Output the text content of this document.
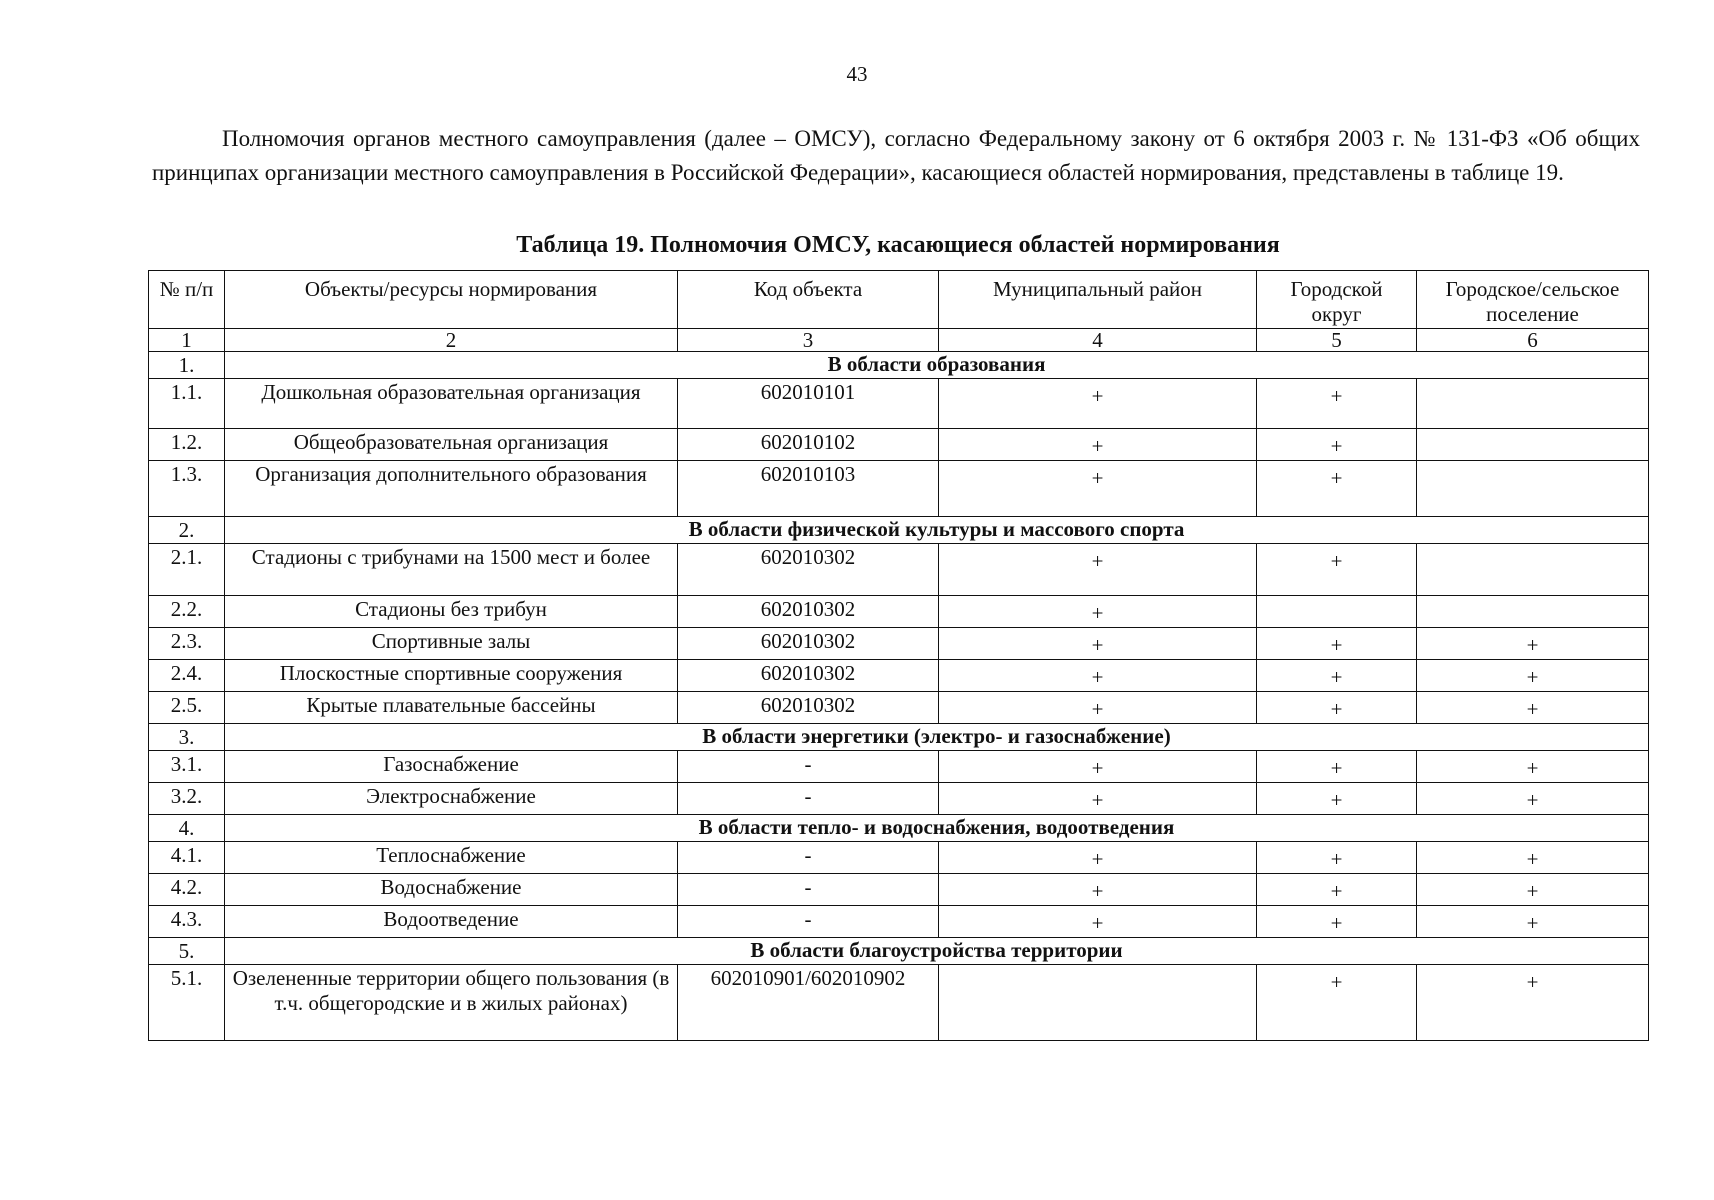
43

Полномочия органов местного самоуправления (далее – ОМСУ), согласно Федеральному закону от 6 октября 2003 г. № 131-ФЗ «Об общих принципах организации местного самоуправления в Российской Федерации», касающиеся областей нормирования, представлены в таблице 19.

Таблица 19. Полномочия ОМСУ, касающиеся областей нормирования
№ п/п	Объекты/ресурсы нормирования	Код объекта	Муниципальный район	Городской округ	Городское/сельское поселение
1	2	3	4	5	6
1.	В области образования				
1.1.	Дошкольная образовательная организация	602010101	+	+	
1.2.	Общеобразовательная организация	602010102	+	+	
1.3.	Организация дополнительного образования	602010103	+	+	
2.	В области физической культуры и массового спорта				
2.1.	Стадионы с трибунами на 1500 мест и более	602010302	+	+	
2.2.	Стадионы без трибун	602010302	+		
2.3.	Спортивные залы	602010302	+	+	+
2.4.	Плоскостные спортивные сооружения	602010302	+	+	+
2.5.	Крытые плавательные бассейны	602010302	+	+	+
3.	В области энергетики (электро- и газоснабжение)				
3.1.	Газоснабжение	-	+	+	+
3.2.	Электроснабжение	-	+	+	+
4.	В области тепло- и водоснабжения, водоотведения				
4.1.	Теплоснабжение	-	+	+	+
4.2.	Водоснабжение	-	+	+	+
4.3.	Водоотведение	-	+	+	+
5.	В области благоустройства территории				
5.1.	Озелененные территории общего пользования (в т.ч. общегородские и в жилых районах)	602010901/602010902		+	+
